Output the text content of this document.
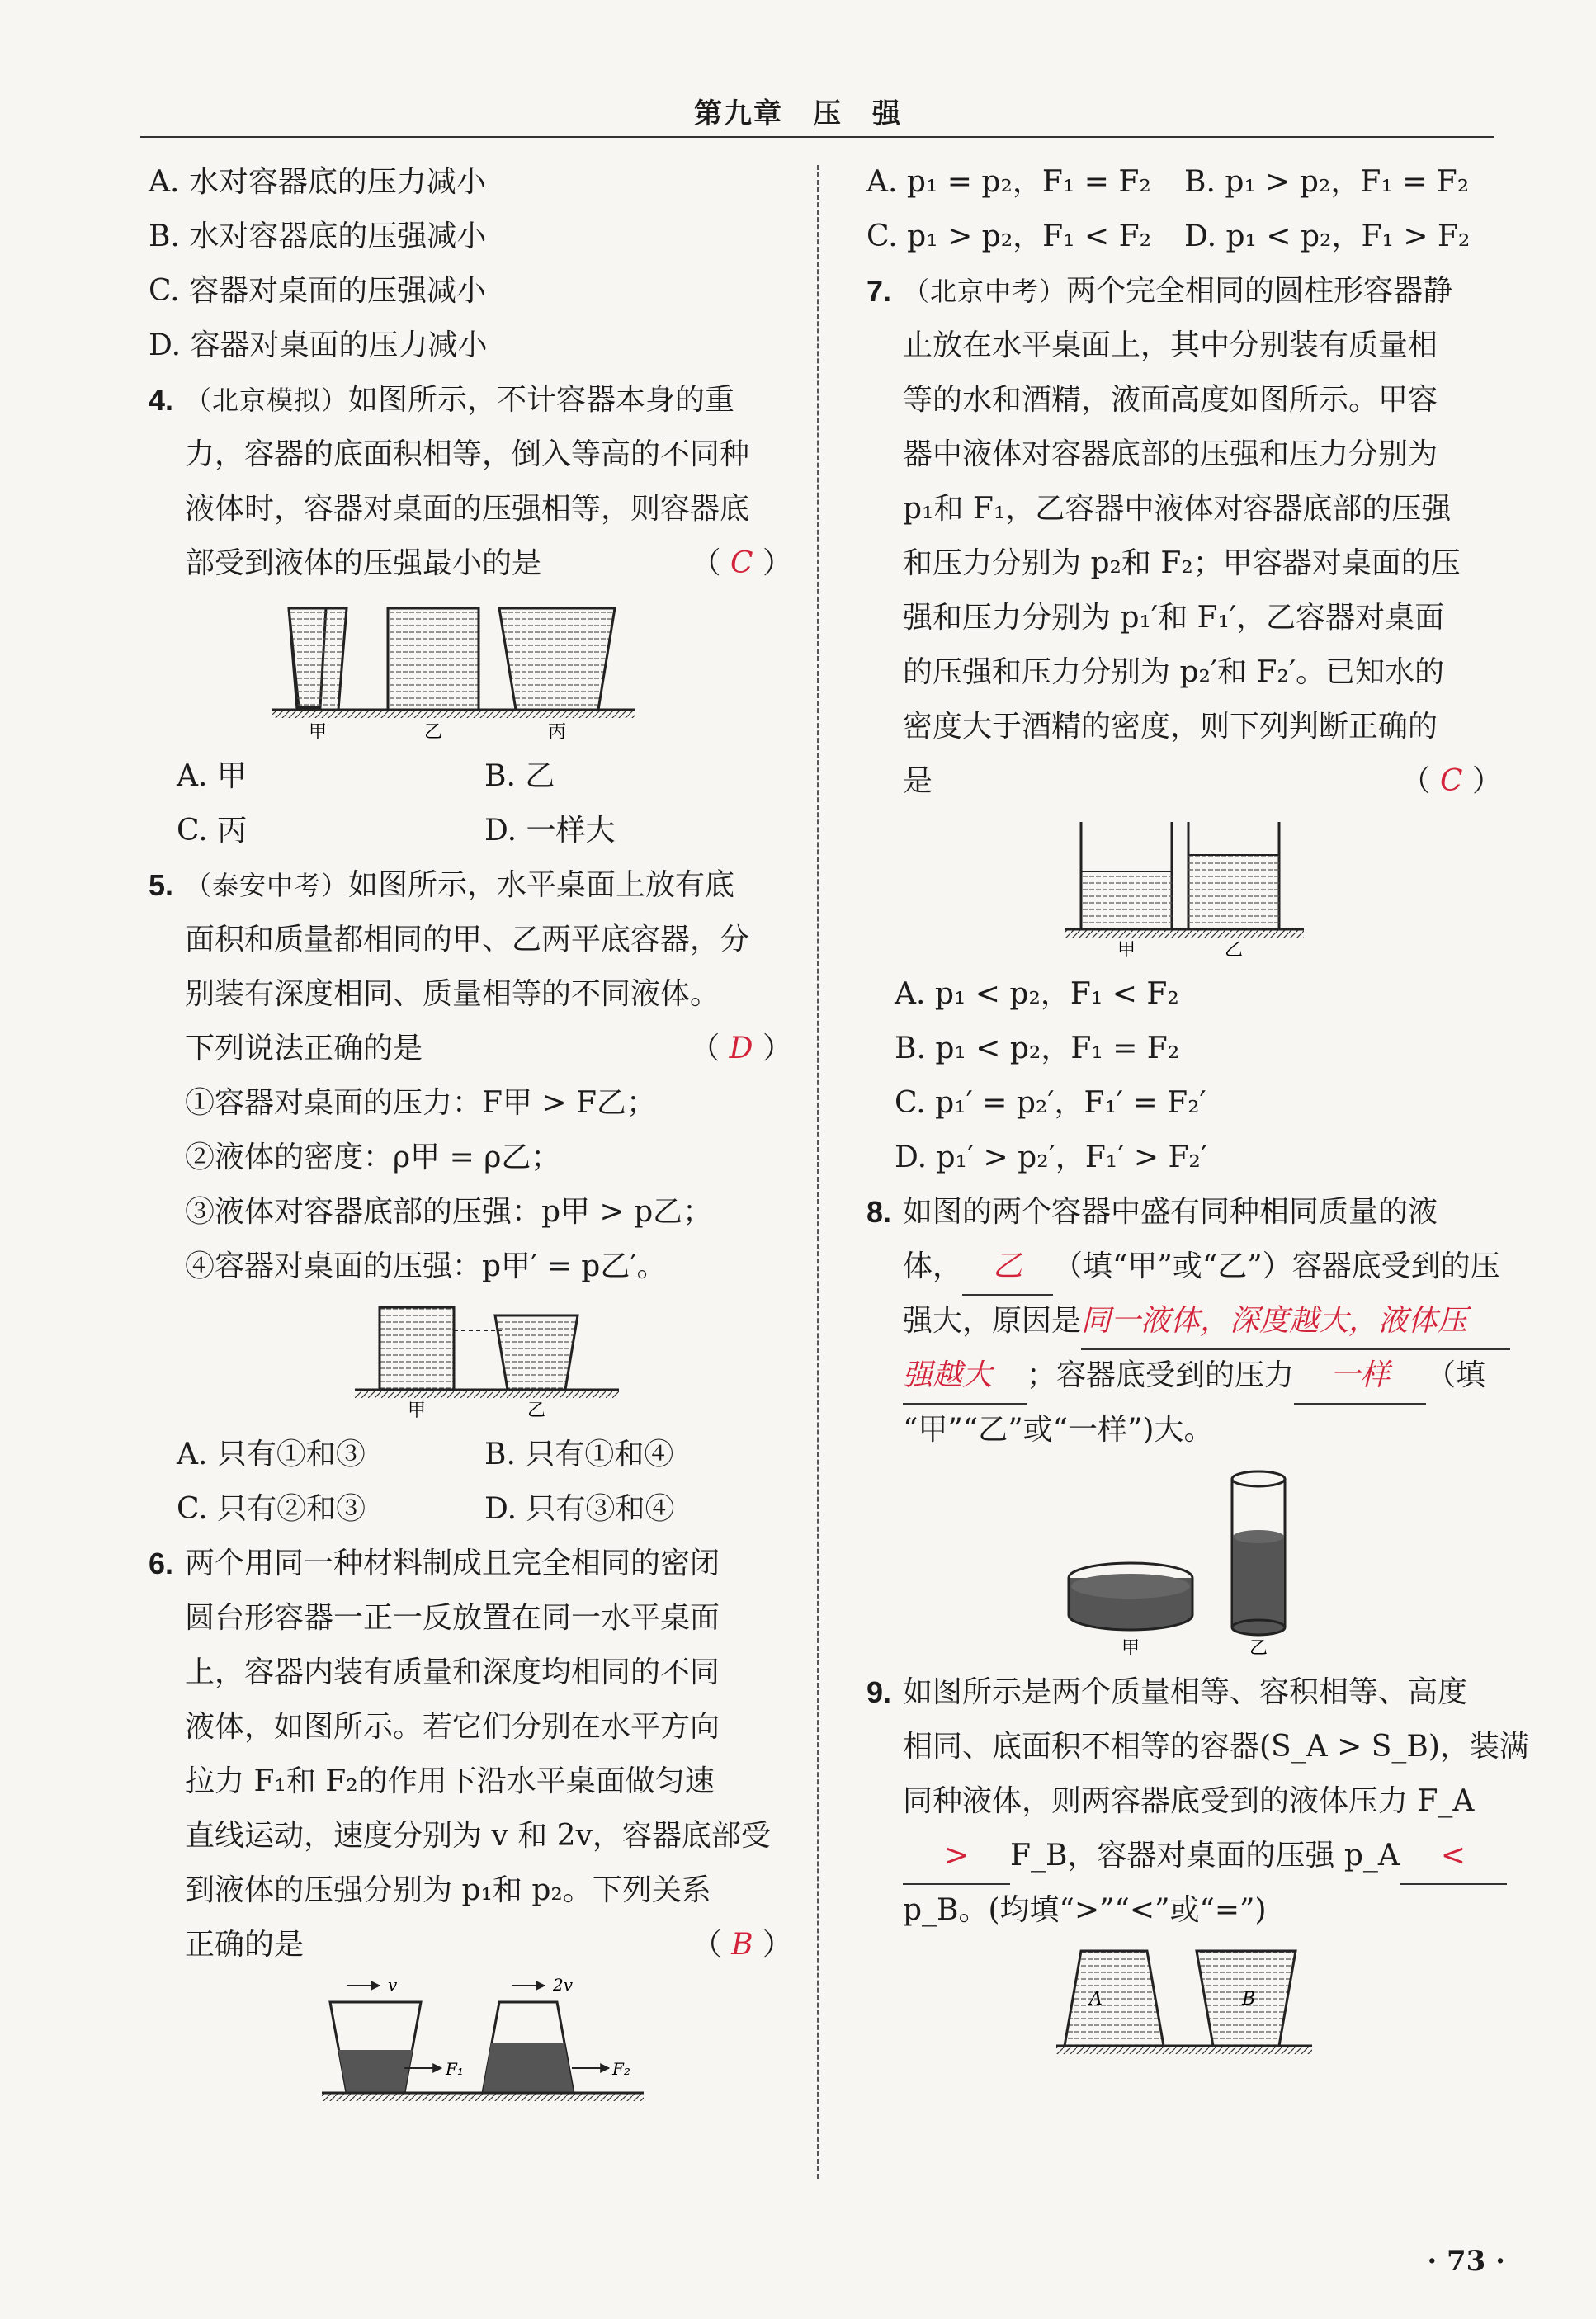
第九章　压　强
A. 水对容器底的压力减小
B. 水对容器底的压强减小
C. 容器对桌面的压强减小
D. 容器对桌面的压力减小
4. （北京模拟）如图所示，不计容器本身的重
力，容器的底面积相等，倒入等高的不同种
液体时，容器对桌面的压强相等，则容器底
部受到液体的压强最小的是	（ C ）
甲	乙	丙
A. 甲	B. 乙
C. 丙	D. 一样大
5. （泰安中考）如图所示，水平桌面上放有底
面积和质量都相同的甲、乙两平底容器，分
别装有深度相同、质量相等的不同液体。
下列说法正确的是	（ D ）
①容器对桌面的压力：F甲 > F乙；
②液体的密度：ρ甲 = ρ乙；
③液体对容器底部的压强：p甲 > p乙；
④容器对桌面的压强：p甲′ = p乙′。
甲	乙
A. 只有①和③	B. 只有①和④
C. 只有②和③	D. 只有③和④
6. 两个用同一种材料制成且完全相同的密闭
圆台形容器一正一反放置在同一水平桌面
上，容器内装有质量和深度均相同的不同
液体，如图所示。若它们分别在水平方向
拉力 F₁和 F₂的作用下沿水平桌面做匀速
直线运动，速度分别为 v 和 2v，容器底部受
到液体的压强分别为 p₁和 p₂。下列关系
正确的是	（ B ）
v	2v
F₁	F₂
A. p₁ = p₂，F₁ = F₂	B. p₁ > p₂，F₁ = F₂
C. p₁ > p₂，F₁ < F₂	D. p₁ < p₂，F₁ > F₂
7. （北京中考）两个完全相同的圆柱形容器静
止放在水平桌面上，其中分别装有质量相
等的水和酒精，液面高度如图所示。甲容
器中液体对容器底部的压强和压力分别为
p₁和 F₁，乙容器中液体对容器底部的压强
和压力分别为 p₂和 F₂；甲容器对桌面的压
强和压力分别为 p₁′和 F₁′，乙容器对桌面
的压强和压力分别为 p₂′和 F₂′。已知水的
密度大于酒精的密度，则下列判断正确的
是	（ C ）
甲	乙
A. p₁ < p₂，F₁ < F₂
B. p₁ < p₂，F₁ = F₂
C. p₁′ = p₂′，F₁′ = F₂′
D. p₁′ > p₂′，F₁′ > F₂′
8. 如图的两个容器中盛有同种相同质量的液
体， 乙 （填“甲”或“乙”）容器底受到的压
强大，原因是同一液体，深度越大，液体压
强越大 ；容器底受到的压力 一样 （填
“甲”“乙”或“一样”)大。
甲	乙
9. 如图所示是两个质量相等、容积相等、高度
相同、底面积不相等的容器(S_A > S_B)，装满
同种液体，则两容器底受到的液体压力 F_A
> F_B，容器对桌面的压强 p_A <
p_B。(均填“>”“<”或“=”)
A	B
· 73 ·
